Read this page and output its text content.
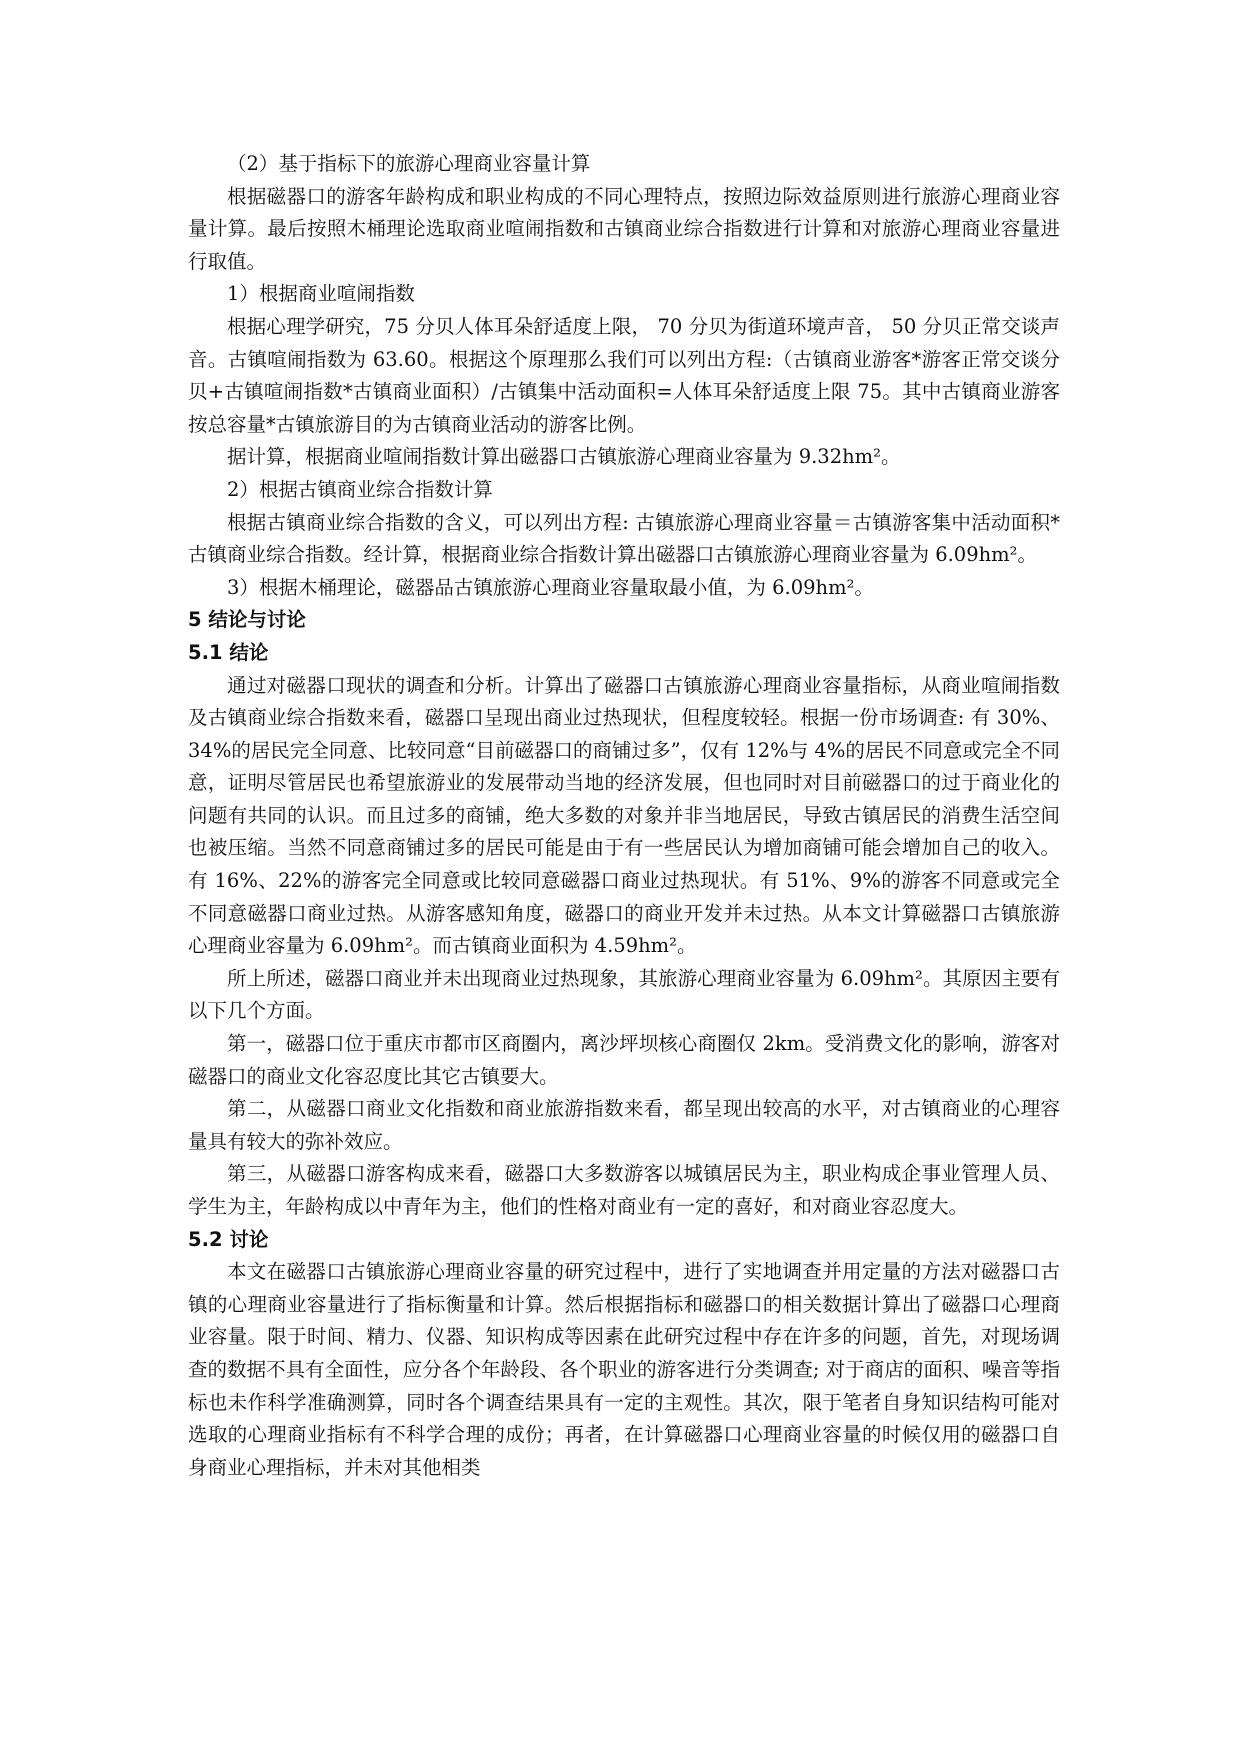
（2）基于指标下的旅游心理商业容量计算

根据磁器口的游客年龄构成和职业构成的不同心理特点，按照边际效益原则进行旅游心理商业容量计算。最后按照木桶理论选取商业喧闹指数和古镇商业综合指数进行计算和对旅游心理商业容量进行取值。

1）根据商业喧闹指数

根据心理学研究，75 分贝人体耳朵舒适度上限， 70 分贝为街道环境声音， 50 分贝正常交谈声音。古镇喧闹指数为 63.60。根据这个原理那么我们可以列出方程:（古镇商业游客*游客正常交谈分贝+古镇喧闹指数*古镇商业面积）/古镇集中活动面积=人体耳朵舒适度上限 75。其中古镇商业游客按总容量*古镇旅游目的为古镇商业活动的游客比例。

据计算，根据商业喧闹指数计算出磁器口古镇旅游心理商业容量为 9.32hm²。

2）根据古镇商业综合指数计算

根据古镇商业综合指数的含义，可以列出方程: 古镇旅游心理商业容量＝古镇游客集中活动面积*古镇商业综合指数。经计算，根据商业综合指数计算出磁器口古镇旅游心理商业容量为 6.09hm²。

3）根据木桶理论，磁器品古镇旅游心理商业容量取最小值，为 6.09hm²。

5 结论与讨论
5.1 结论

通过对磁器口现状的调查和分析。计算出了磁器口古镇旅游心理商业容量指标，从商业喧闹指数及古镇商业综合指数来看，磁器口呈现出商业过热现状，但程度较轻。根据一份市场调查: 有 30%、34%的居民完全同意、比较同意“目前磁器口的商铺过多”，仅有 12%与 4%的居民不同意或完全不同意，证明尽管居民也希望旅游业的发展带动当地的经济发展，但也同时对目前磁器口的过于商业化的问题有共同的认识。而且过多的商铺，绝大多数的对象并非当地居民，导致古镇居民的消费生活空间也被压缩。当然不同意商铺过多的居民可能是由于有一些居民认为增加商铺可能会增加自己的收入。有 16%、22%的游客完全同意或比较同意磁器口商业过热现状。有 51%、9%的游客不同意或完全不同意磁器口商业过热。从游客感知角度，磁器口的商业开发并未过热。从本文计算磁器口古镇旅游心理商业容量为 6.09hm²。而古镇商业面积为 4.59hm²。

所上所述，磁器口商业并未出现商业过热现象，其旅游心理商业容量为 6.09hm²。其原因主要有以下几个方面。

第一，磁器口位于重庆市都市区商圈内，离沙坪坝核心商圈仅 2km。受消费文化的影响，游客对磁器口的商业文化容忍度比其它古镇要大。

第二，从磁器口商业文化指数和商业旅游指数来看，都呈现出较高的水平，对古镇商业的心理容量具有较大的弥补效应。

第三，从磁器口游客构成来看，磁器口大多数游客以城镇居民为主，职业构成企事业管理人员、学生为主，年龄构成以中青年为主，他们的性格对商业有一定的喜好，和对商业容忍度大。

5.2 讨论

本文在磁器口古镇旅游心理商业容量的研究过程中，进行了实地调查并用定量的方法对磁器口古镇的心理商业容量进行了指标衡量和计算。然后根据指标和磁器口的相关数据计算出了磁器口心理商业容量。限于时间、精力、仪器、知识构成等因素在此研究过程中存在许多的问题，首先，对现场调查的数据不具有全面性，应分各个年龄段、各个职业的游客进行分类调查; 对于商店的面积、噪音等指标也未作科学准确测算，同时各个调查结果具有一定的主观性。其次，限于笔者自身知识结构可能对选取的心理商业指标有不科学合理的成份；再者，在计算磁器口心理商业容量的时候仅用的磁器口自身商业心理指标，并未对其他相类
